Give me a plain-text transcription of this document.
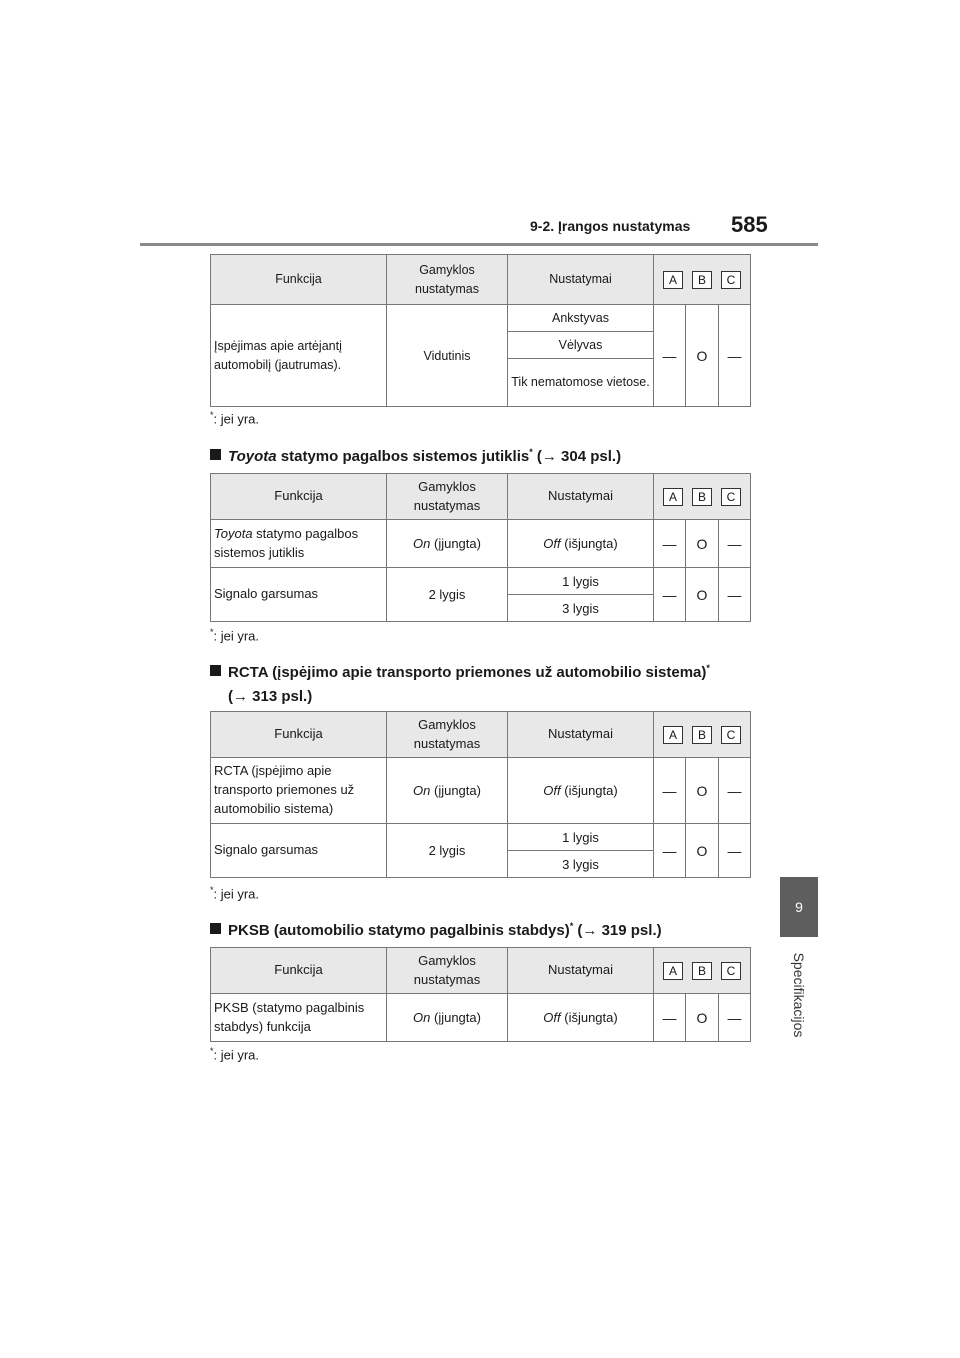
9-2. Įrangos nustatymas 585
9
Specifikacijos
Funkcija	Gamyklos nustatymas	Nustatymai	A B C		

Įspėjimas apie artėjantį automobilį (jautrumas).	Vidutinis	Ankstyvas	—	O	—
		Vėlyvas			
		Tik nematomose vietose.			
*: jei yra.
Toyota statymo pagalbos sistemos jutiklis* (→ 304 psl.)
Funkcija	Gamyklos nustatymas	Nustatymai	A B C		

Toyota statymo pagalbos sistemos jutiklis	On (įjungta)	Off (išjungta)	—	O	—
Signalo garsumas	2 lygis	1 lygis	—	O	—
		3 lygis			
*: jei yra.
RCTA (įspėjimo apie transporto priemones už automobilio sistema)*
(→ 313 psl.)
Funkcija	Gamyklos nustatymas	Nustatymai	A B C		

RCTA (įspėjimo apie transporto priemones už automobilio sistema)	On (įjungta)	Off (išjungta)	—	O	—
Signalo garsumas	2 lygis	1 lygis	—	O	—
		3 lygis			
*: jei yra.
PKSB (automobilio statymo pagalbinis stabdys)* (→ 319 psl.)
Funkcija	Gamyklos nustatymas	Nustatymai	A B C		

PKSB (statymo pagalbinis stabdys) funkcija	On (įjungta)	Off (išjungta)	—	O	—
*: jei yra.
